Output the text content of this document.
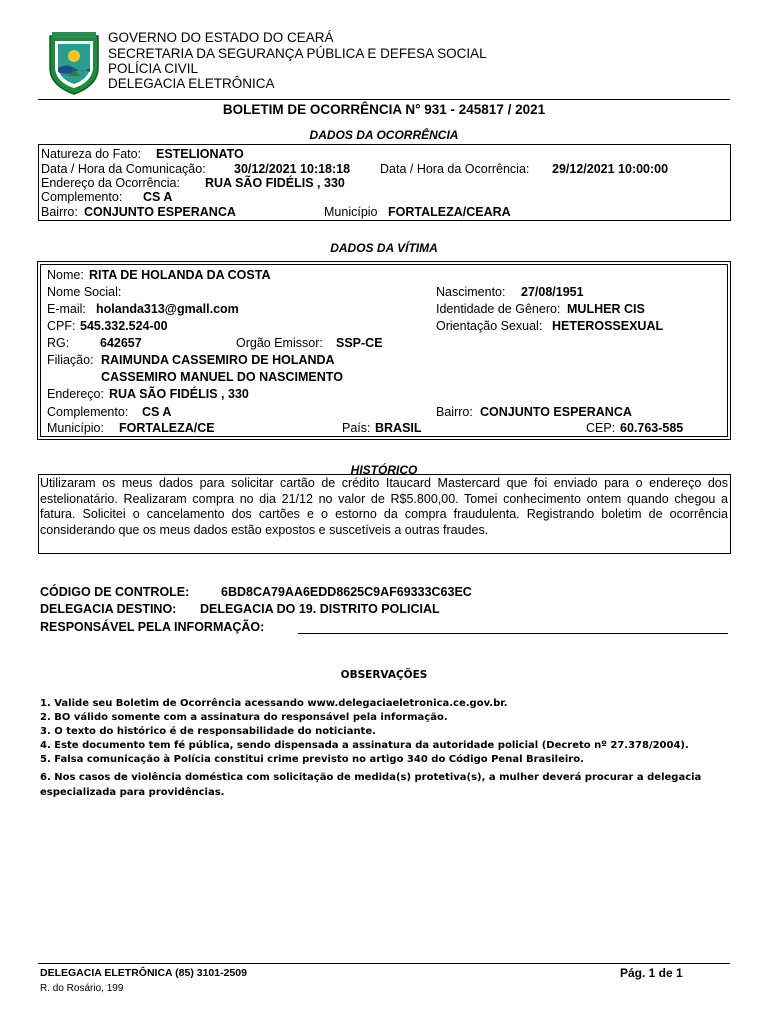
GOVERNO DO ESTADO DO CEARÁ
SECRETARIA DA SEGURANÇA PÚBLICA E DEFESA SOCIAL
POLÍCIA CIVIL
DELEGACIA ELETRÔNICA
BOLETIM DE OCORRÊNCIA N° 931 - 245817 / 2021
DADOS DA OCORRÊNCIA
Natureza do Fato: ESTELIONATO
Data / Hora da Comunicação: 30/12/2021 10:18:18 Data / Hora da Ocorrência: 29/12/2021 10:00:00
Endereço da Ocorrência: RUA SÃO FIDÉLIS , 330
Complemento: CS A
Bairro: CONJUNTO ESPERANCA	Município FORTALEZA/CEARA
DADOS DA VÍTIMA
Nome: RITA DE HOLANDA DA COSTA
Nome Social:	Nascimento: 27/08/1951
E-mail: holanda313@gmall.com	Identidade de Gênero: MULHER CIS
CPF: 545.332.524-00	Orientação Sexual: HETEROSSEXUAL
RG: 642657	Orgão Emissor: SSP-CE
Filiação: RAIMUNDA CASSEMIRO DE HOLANDA
CASSEMIRO MANUEL DO NASCIMENTO
Endereço: RUA SÃO FIDÉLIS , 330
Complemento: CS A	Bairro: CONJUNTO ESPERANCA
Município: FORTALEZA/CE	País: BRASIL	CEP: 60.763-585
HISTÓRICO
Utilizaram os meus dados para solicitar cartão de crédito Itaucard Mastercard que foi enviado para o endereço dos estelionatário. Realizaram compra no dia 21/12 no valor de R$5.800,00. Tomei conhecimento ontem quando chegou a fatura. Solicitei o cancelamento dos cartões e o estorno da compra fraudulenta. Registrando boletim de ocorrência considerando que os meus dados estão expostos e suscetíveis a outras fraudes.
CÓDIGO DE CONTROLE:	6BD8CA79AA6EDD8625C9AF69333C63EC
DELEGACIA DESTINO: DELEGACIA DO 19. DISTRITO POLICIAL
RESPONSÁVEL PELA INFORMAÇÃO:
OBSERVAÇÕES
1. Valide seu Boletim de Ocorrência acessando www.delegaciaeletronica.ce.gov.br.
2. BO válido somente com a assinatura do responsável pela informação.
3. O texto do histórico é de responsabilidade do noticiante.
4. Este documento tem fé pública, sendo dispensada a assinatura da autoridade policial (Decreto nº 27.378/2004).
5. Falsa comunicação à Polícia constitui crime previsto no artigo 340 do Código Penal Brasileiro.
6. Nos casos de violência doméstica com solicitação de medida(s) protetiva(s), a mulher deverá procurar a delegacia especializada para providências.
DELEGACIA ELETRÔNICA (85) 3101-2509
R. do Rosário, 199
Pág. 1 de 1
